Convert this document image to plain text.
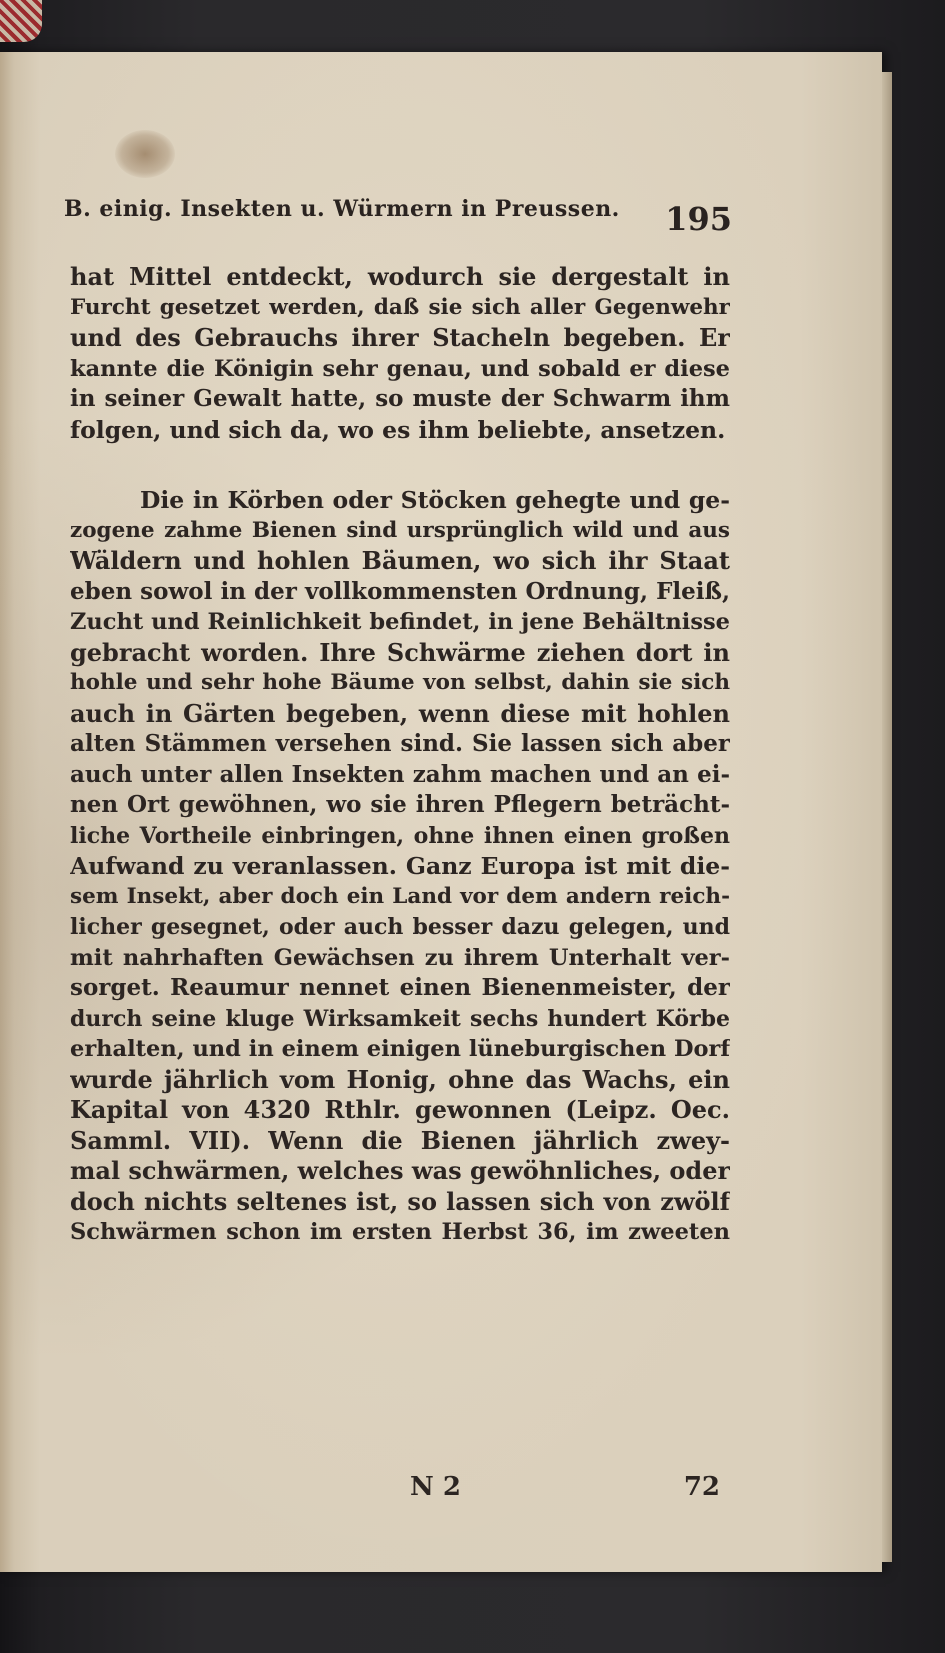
B. einig. Insekten u. Würmern in Preussen. 195
hat Mittel entdeckt, wodurch sie dergestalt in
Furcht gesetzet werden, daß sie sich aller Gegenwehr
und des Gebrauchs ihrer Stacheln begeben. Er
kannte die Königin sehr genau, und sobald er diese
in seiner Gewalt hatte, so muste der Schwarm ihm
folgen, und sich da, wo es ihm beliebte, ansetzen.
Die in Körben oder Stöcken gehegte und ge-
zogene zahme Bienen sind ursprünglich wild und aus
Wäldern und hohlen Bäumen, wo sich ihr Staat
eben sowol in der vollkommensten Ordnung, Fleiß,
Zucht und Reinlichkeit befindet, in jene Behältnisse
gebracht worden. Ihre Schwärme ziehen dort in
hohle und sehr hohe Bäume von selbst, dahin sie sich
auch in Gärten begeben, wenn diese mit hohlen
alten Stämmen versehen sind. Sie lassen sich aber
auch unter allen Insekten zahm machen und an ei-
nen Ort gewöhnen, wo sie ihren Pflegern beträcht-
liche Vortheile einbringen, ohne ihnen einen großen
Aufwand zu veranlassen. Ganz Europa ist mit die-
sem Insekt, aber doch ein Land vor dem andern reich-
licher gesegnet, oder auch besser dazu gelegen, und
mit nahrhaften Gewächsen zu ihrem Unterhalt ver-
sorget. Reaumur nennet einen Bienenmeister, der
durch seine kluge Wirksamkeit sechs hundert Körbe
erhalten, und in einem einigen lüneburgischen Dorf
wurde jährlich vom Honig, ohne das Wachs, ein
Kapital von 4320 Rthlr. gewonnen (Leipz. Oec.
Samml. VII). Wenn die Bienen jährlich zwey-
mal schwärmen, welches was gewöhnliches, oder
doch nichts seltenes ist, so lassen sich von zwölf
Schwärmen schon im ersten Herbst 36, im zweeten
N 2	72
